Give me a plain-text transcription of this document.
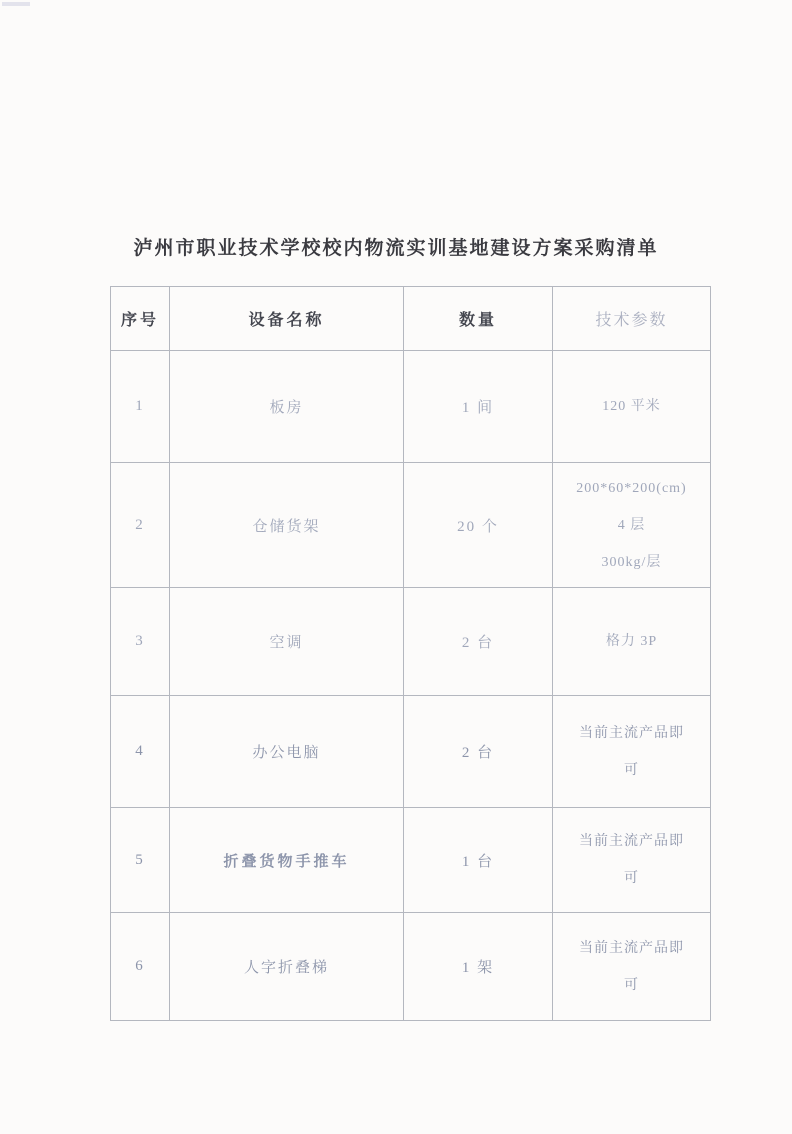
泸州市职业技术学校校内物流实训基地建设方案采购清单
序号	设备名称	数量	技术参数
1	板房	1 间	120 平米

2	仓储货架	20 个	200*60*200(cm)
4 层
300kg/层

3	空调	2 台	格力 3P

4	办公电脑	2 台	当前主流产品即
可

5	折叠货物手推车	1 台	当前主流产品即
可

6	人字折叠梯	1 架	当前主流产品即
可
